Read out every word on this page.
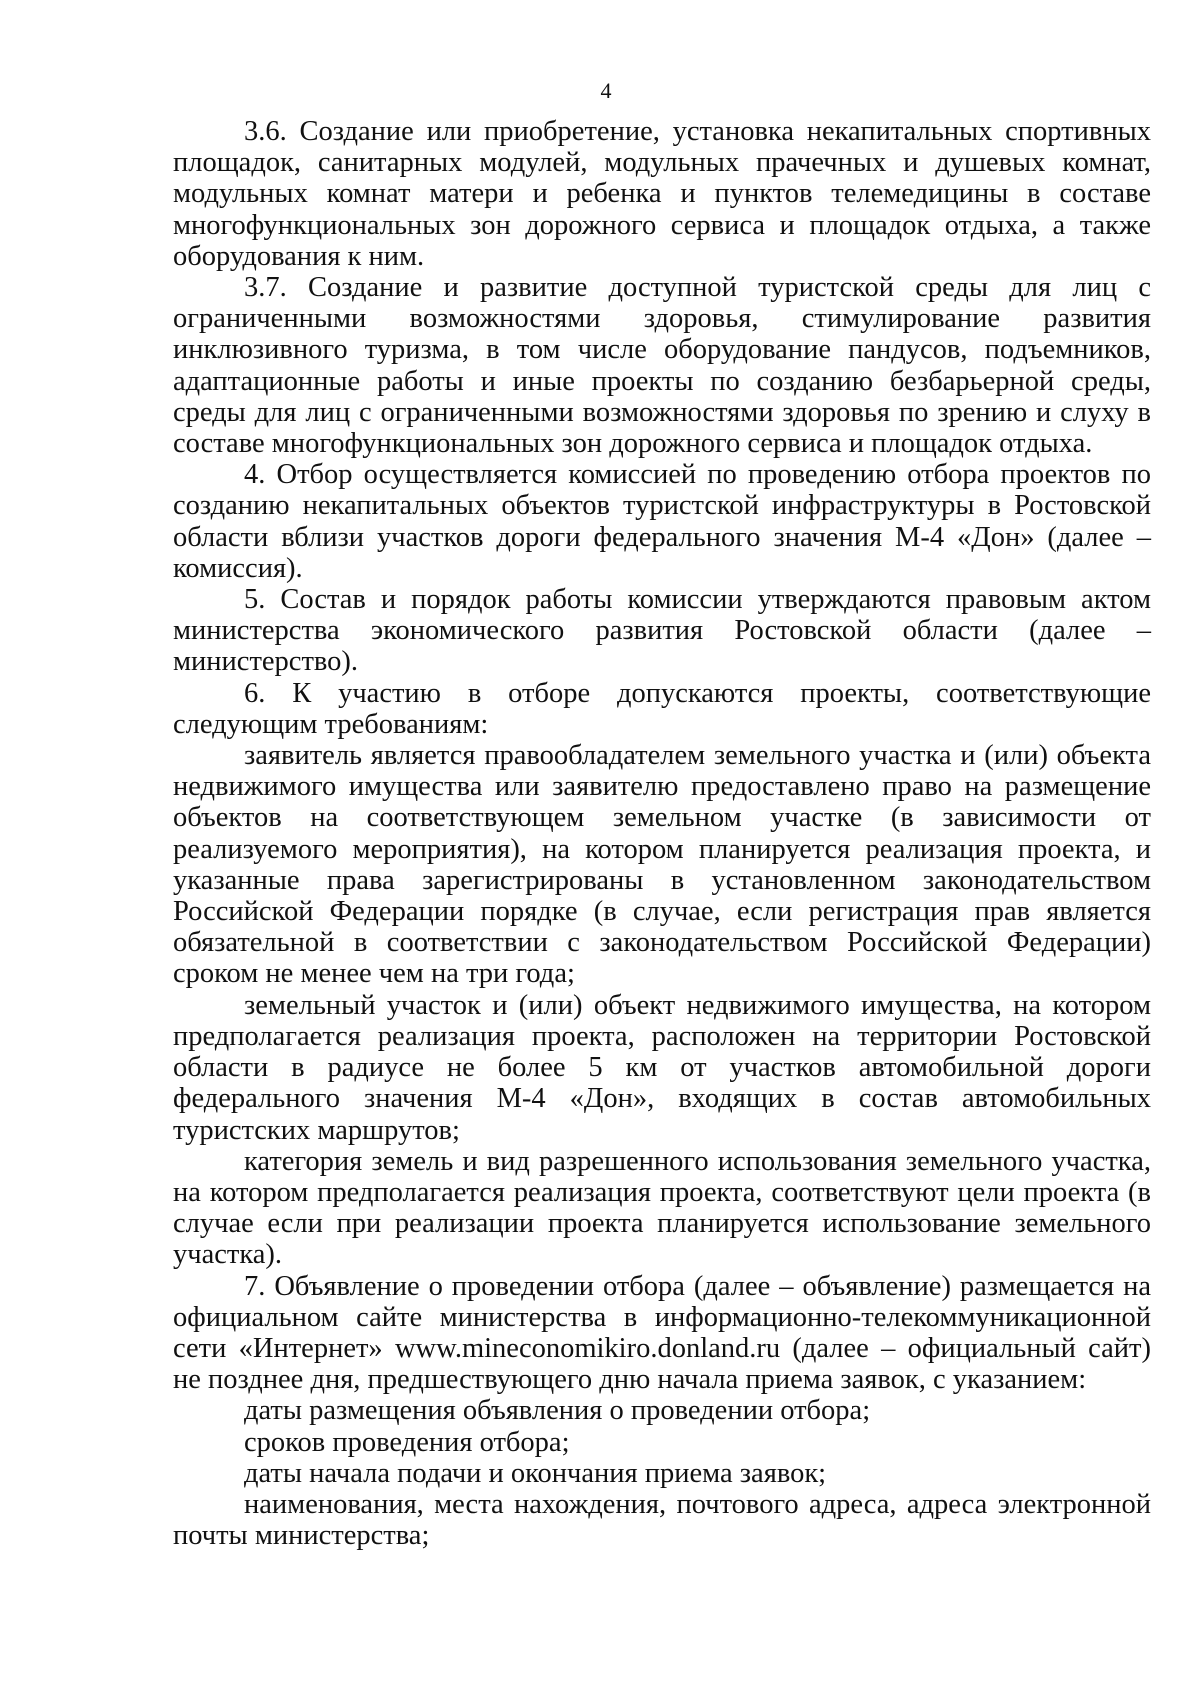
4

3.6. Создание или приобретение, установка некапитальных спортивных площадок, санитарных модулей, модульных прачечных и душевых комнат, модульных комнат матери и ребенка и пунктов телемедицины в составе многофункциональных зон дорожного сервиса и площадок отдыха, а также оборудования к ним.

3.7. Создание и развитие доступной туристской среды для лиц с ограниченными возможностями здоровья, стимулирование развития инклюзивного туризма, в том числе оборудование пандусов, подъемников, адаптационные работы и иные проекты по созданию безбарьерной среды, среды для лиц с ограниченными возможностями здоровья по зрению и слуху в составе многофункциональных зон дорожного сервиса и площадок отдыха.

4. Отбор осуществляется комиссией по проведению отбора проектов по созданию некапитальных объектов туристской инфраструктуры в Ростовской области вблизи участков дороги федерального значения М-4 «Дон» (далее – комиссия).

5. Состав и порядок работы комиссии утверждаются правовым актом министерства экономического развития Ростовской области (далее – министерство).

6. К участию в отборе допускаются проекты, соответствующие следующим требованиям:

заявитель является правообладателем земельного участка и (или) объекта недвижимого имущества или заявителю предоставлено право на размещение объектов на соответствующем земельном участке (в зависимости от реализуемого мероприятия), на котором планируется реализация проекта, и указанные права зарегистрированы в установленном законодательством Российской Федерации порядке (в случае, если регистрация прав является обязательной в соответствии с законодательством Российской Федерации) сроком не менее чем на три года;

земельный участок и (или) объект недвижимого имущества, на котором предполагается реализация проекта, расположен на территории Ростовской области в радиусе не более 5 км от участков автомобильной дороги федерального значения М-4 «Дон», входящих в состав автомобильных туристских маршрутов;

категория земель и вид разрешенного использования земельного участка, на котором предполагается реализация проекта, соответствуют цели проекта (в случае если при реализации проекта планируется использование земельного участка).

7. Объявление о проведении отбора (далее – объявление) размещается на официальном сайте министерства в информационно-телекоммуникационной сети «Интернет» www.mineconomikiro.donland.ru (далее – официальный сайт) не позднее дня, предшествующего дню начала приема заявок, с указанием:

даты размещения объявления о проведении отбора;

сроков проведения отбора;

даты начала подачи и окончания приема заявок;

наименования, места нахождения, почтового адреса, адреса электронной почты министерства;
